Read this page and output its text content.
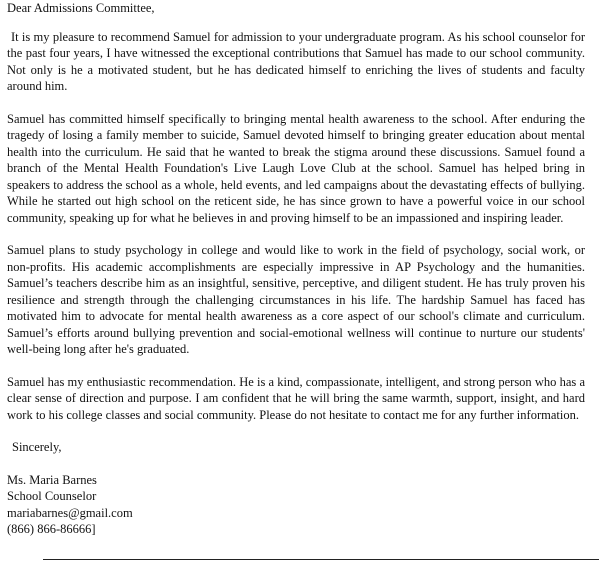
Dear Admissions Committee,

It is my pleasure to recommend Samuel for admission to your undergraduate program. As his school counselor for the past four years, I have witnessed the exceptional contributions that Samuel has made to our school community. Not only is he a motivated student, but he has dedicated himself to enriching the lives of students and faculty around him.

Samuel has committed himself specifically to bringing mental health awareness to the school. After enduring the tragedy of losing a family member to suicide, Samuel devoted himself to bringing greater education about mental health into the curriculum. He said that he wanted to break the stigma around these discussions. Samuel found a branch of the Mental Health Foundation's Live Laugh Love Club at the school. Samuel has helped bring in speakers to address the school as a whole, held events, and led campaigns about the devastating effects of bullying. While he started out high school on the reticent side, he has since grown to have a powerful voice in our school community, speaking up for what he believes in and proving himself to be an impassioned and inspiring leader.

Samuel plans to study psychology in college and would like to work in the field of psychology, social work, or non-profits. His academic accomplishments are especially impressive in AP Psychology and the humanities. Samuel’s teachers describe him as an insightful, sensitive, perceptive, and diligent student. He has truly proven his resilience and strength through the challenging circumstances in his life. The hardship Samuel has faced has motivated him to advocate for mental health awareness as a core aspect of our school's climate and curriculum. Samuel’s efforts around bullying prevention and social-emotional wellness will continue to nurture our students' well-being long after he's graduated.

Samuel has my enthusiastic recommendation. He is a kind, compassionate, intelligent, and strong person who has a clear sense of direction and purpose. I am confident that he will bring the same warmth, support, insight, and hard work to his college classes and social community. Please do not hesitate to contact me for any further information.

Sincerely,

Ms. Maria Barnes
School Counselor
mariabarnes@gmail.com
(866) 866-86666]
